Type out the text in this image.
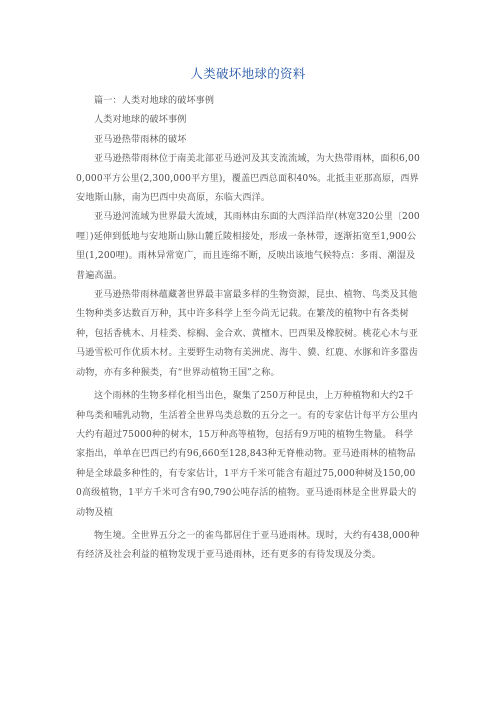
人类破坏地球的资料

篇一：人类对地球的破坏事例

人类对地球的破坏事例

亚马逊热带雨林的破坏

亚马逊热带雨林位于南美北部亚马逊河及其支流流域，为大热带雨林，面积6,000,000平方公里(2,300,000平方里)，覆盖巴西总面积40%。北抵圭亚那高原，西界安地斯山脉，南为巴西中央高原，东临大西洋。

亚马逊河流域为世界最大流域，其雨林由东面的大西洋沿岸(林宽320公里〔200哩〕)延伸到低地与安地斯山脉山麓丘陵相接处，形成一条林带，逐渐拓宽至1,900公里(1,200哩)。雨林异常宽广，而且连绵不断，反映出该地气候特点：多雨、潮湿及普遍高温。

亚马逊热带雨林蕴藏著世界最丰富最多样的生物资源，昆虫、植物、鸟类及其他生物种类多达数百万种，其中许多科学上至今尚无记载。在繁茂的植物中有各类树种，包括香桃木、月桂类、棕榈、金合欢、黄檀木、巴西果及橡胶树。桃花心木与亚马逊雪松可作优质木材。主要野生动物有美洲虎、海牛、貘、红鹿、水豚和许多嚣齿动物，亦有多种猴类，有“世界动植物王国”之称。

这个雨林的生物多样化相当出色，聚集了250万种昆虫，上万种植物和大约2千种鸟类和哺乳动物，生活着全世界鸟类总数的五分之一。有的专家估计每平方公里内大约有超过75000种的树木，15万种高等植物，包括有9万吨的植物生物量。 科学家指出，单单在巴西已约有96,660至128,843种无脊椎动物。亚马逊雨林的植物品种是全球最多种性的，有专家估计，1平方千米可能含有超过75,000种树及150,000高级植物，1平方千米可含有90,790公吨存活的植物。亚马逊雨林是全世界最大的动物及植

物生境。全世界五分之一的雀鸟都居住于亚马逊雨林。现时，大约有438,000种有经济及社会利益的植物发现于亚马逊雨林，还有更多的有待发现及分类。
